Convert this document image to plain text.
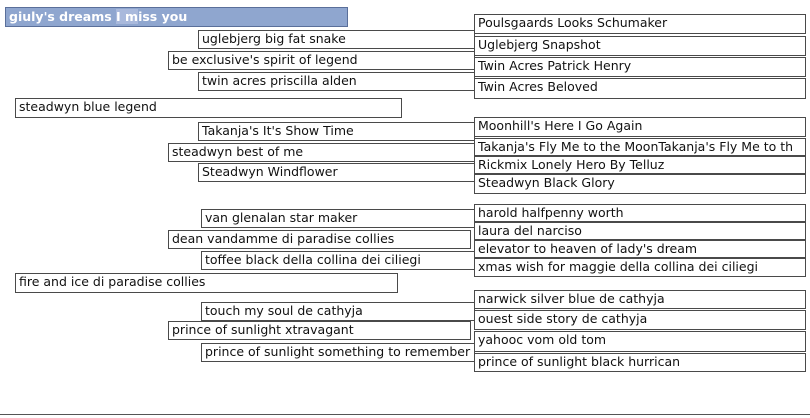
giuly's dreams I miss you
steadwyn blue legend
fire and ice di paradise collies
be exclusive's spirit of legend
steadwyn best of me
dean vandamme di paradise collies
prince of sunlight xtravagant
uglebjerg big fat snake
twin acres priscilla alden
Takanja's It's Show Time
Steadwyn Windflower
van glenalan star maker
toffee black della collina dei ciliegi
touch my soul de cathyja
prince of sunlight something to remember
Poulsgaards Looks Schumaker
Uglebjerg Snapshot
Twin Acres Patrick Henry
Twin Acres Beloved
Moonhill's Here I Go Again
Takanja's Fly Me to the MoonTakanja's Fly Me to th
Rickmix Lonely Hero By Telluz
Steadwyn Black Glory
harold halfpenny worth
laura del narciso
elevator to heaven of lady's dream
xmas wish for maggie della collina dei ciliegi
narwick silver blue de cathyja
ouest side story de cathyja
yahooc vom old tom
prince of sunlight black hurrican
